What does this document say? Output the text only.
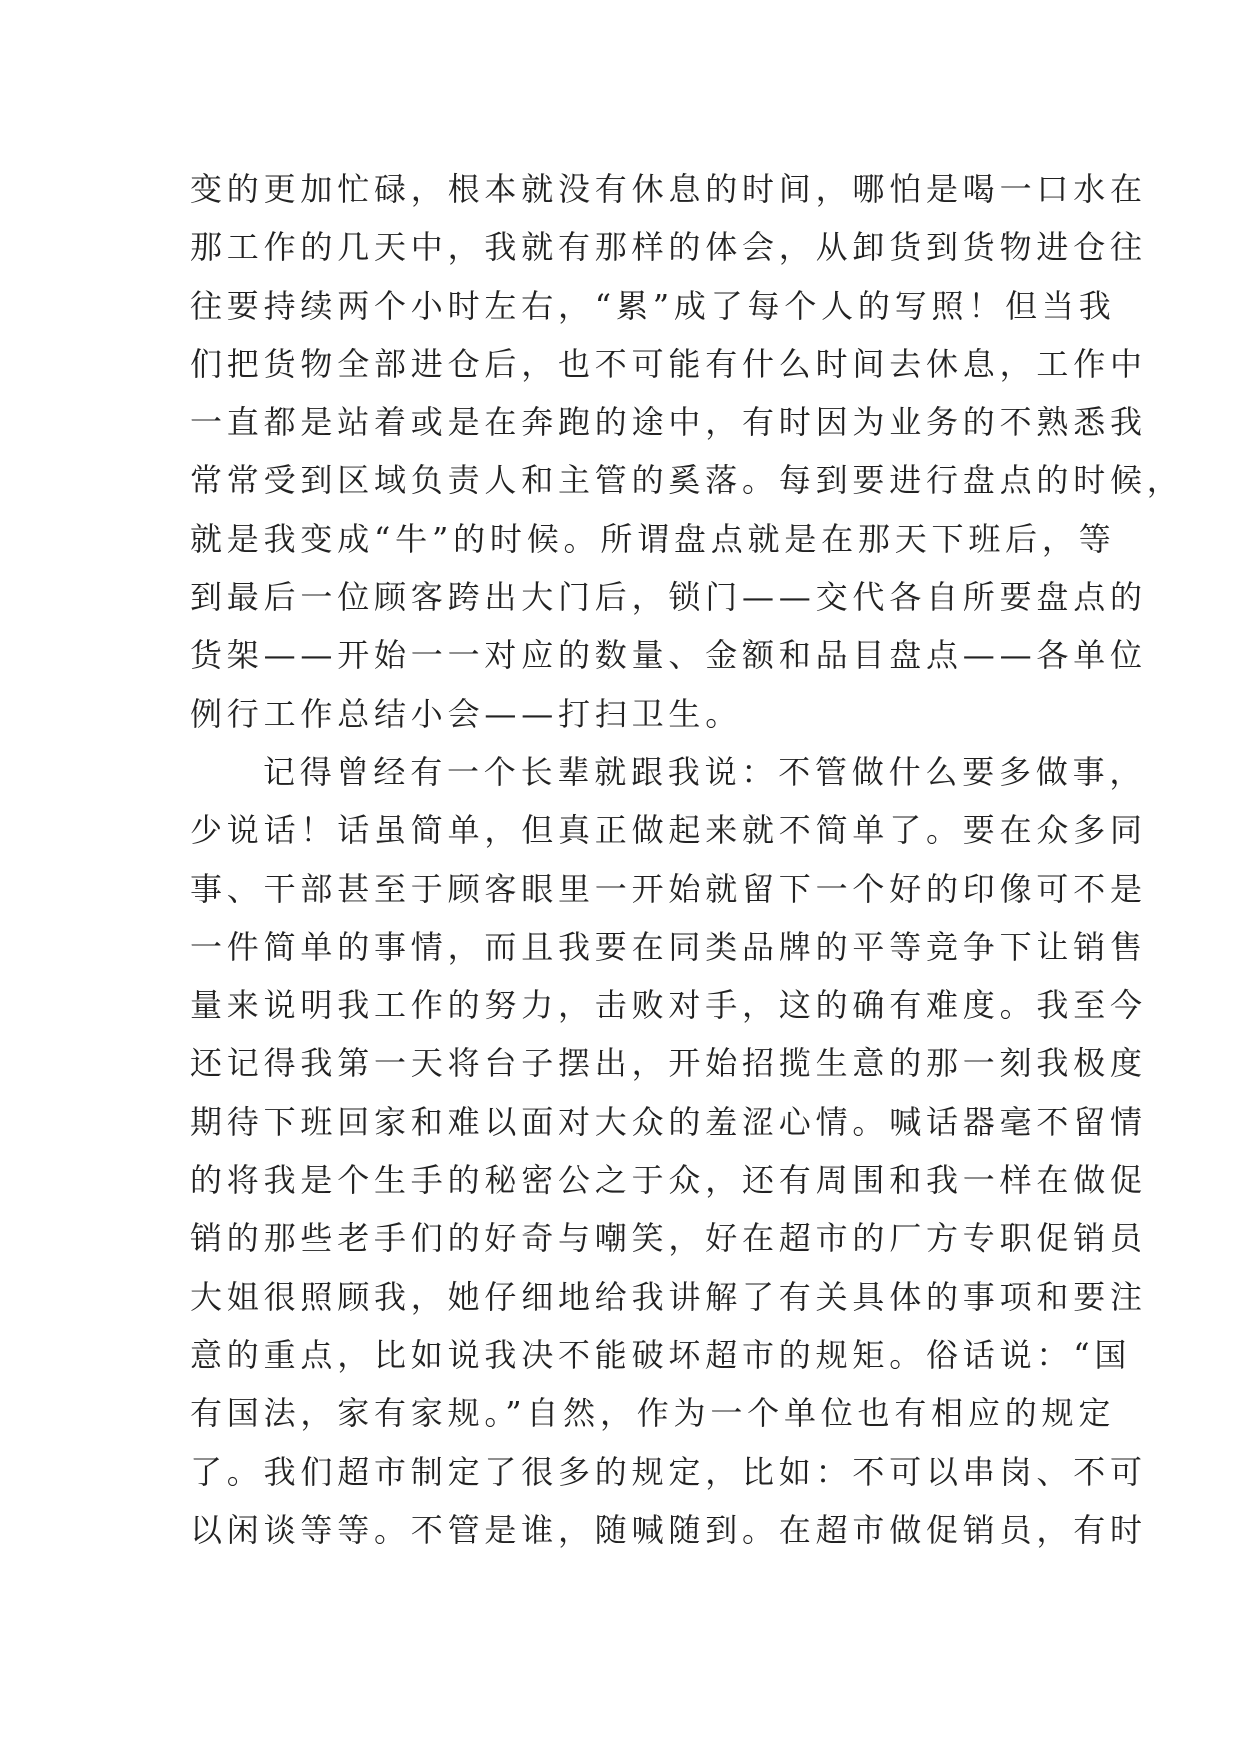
变的更加忙碌，根本就没有休息的时间，哪怕是喝一口水在
那工作的几天中，我就有那样的体会，从卸货到货物进仓往
往要持续两个小时左右，“累”成了每个人的写照！但当我
们把货物全部进仓后，也不可能有什么时间去休息，工作中
一直都是站着或是在奔跑的途中，有时因为业务的不熟悉我
常常受到区域负责人和主管的奚落。每到要进行盘点的时候，
就是我变成“牛”的时候。所谓盘点就是在那天下班后，等
到最后一位顾客跨出大门后，锁门——交代各自所要盘点的
货架——开始一一对应的数量、金额和品目盘点——各单位
例行工作总结小会——打扫卫生。
记得曾经有一个长辈就跟我说：不管做什么要多做事，
少说话！话虽简单，但真正做起来就不简单了。要在众多同
事、干部甚至于顾客眼里一开始就留下一个好的印像可不是
一件简单的事情，而且我要在同类品牌的平等竞争下让销售
量来说明我工作的努力，击败对手，这的确有难度。我至今
还记得我第一天将台子摆出，开始招揽生意的那一刻我极度
期待下班回家和难以面对大众的羞涩心情。喊话器毫不留情
的将我是个生手的秘密公之于众，还有周围和我一样在做促
销的那些老手们的好奇与嘲笑，好在超市的厂方专职促销员
大姐很照顾我，她仔细地给我讲解了有关具体的事项和要注
意的重点，比如说我决不能破坏超市的规矩。俗话说：“国
有国法，家有家规。”自然，作为一个单位也有相应的规定
了。我们超市制定了很多的规定，比如：不可以串岗、不可
以闲谈等等。不管是谁，随喊随到。在超市做促销员，有时
